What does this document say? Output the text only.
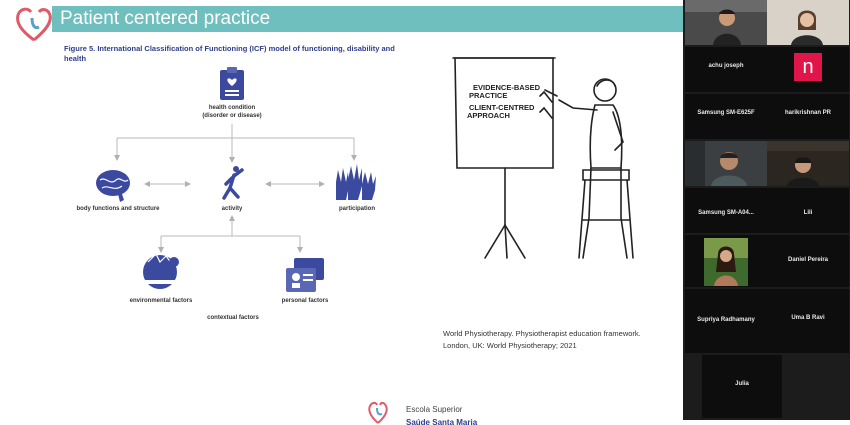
Patient centered practice
Figure 5. International Classification of Functioning (ICF) model of functioning, disability and health
health condition (disorder or disease)
body functions and structure	activity	participation
environmental factors	personal factors
contextual factors
EVIDENCE-BASED
PRACTICE
CLIENT-CENTRED
APPROACH
World Physiotherapy. Physiotherapist education framework.
London, UK: World Physiotherapy; 2021
Escola Superior
Saúde Santa Maria
achu joseph	n
Samsung SM-E625F	harikrishnan PR
Samsung SM-A04...	Lili
Daniel Pereira
Supriya Radhamany	Uma B Ravi
Julia
